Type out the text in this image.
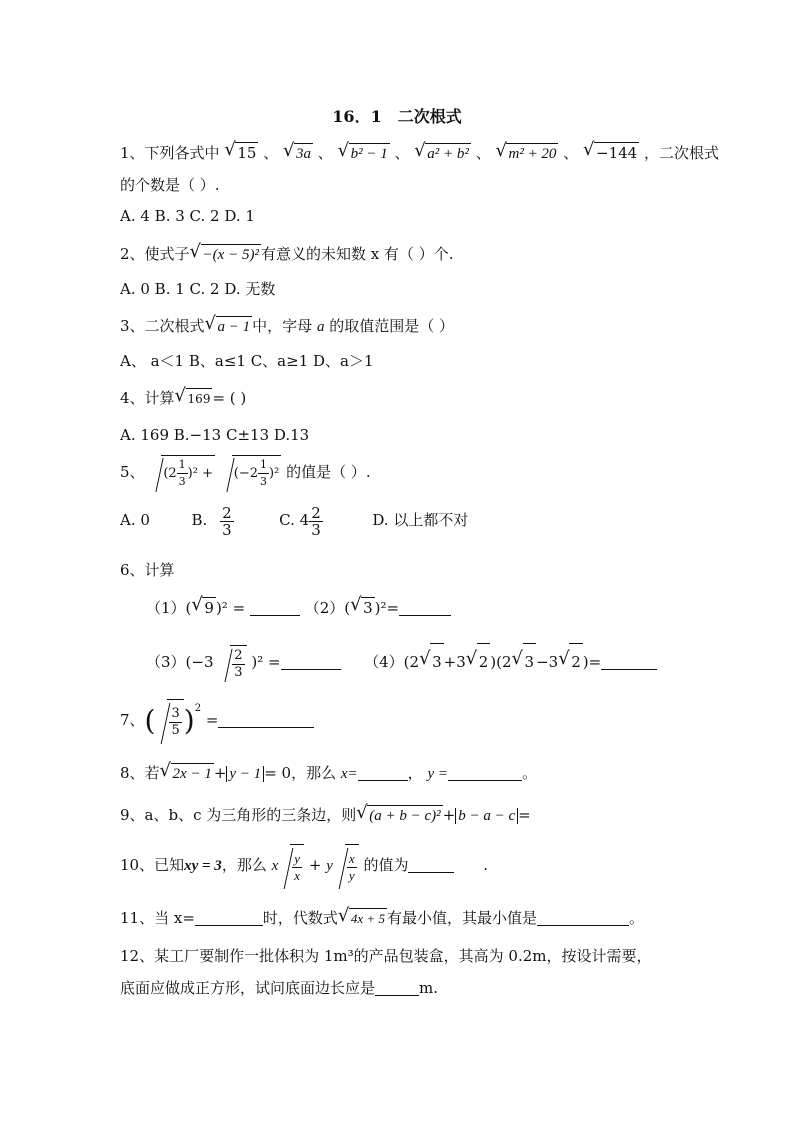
16．1　二次根式
1、下列各式中 √ 15 、 √ 3a 、 √ b² − 1 、 √ a² + b² 、 √ m² + 20 、 √ −144 ，二次根式
的个数是（ ）.
A. 4 B. 3 C. 2 D. 1
2、使式子 √ −(x − 5)² 有意义的未知数 x 有（ ）个.
A. 0 B. 1 C. 2 D. 无数
3、二次根式 √ a − 1 中，字母 a 的取值范围是（ ）
A、 a＜1 B、a≤1 C、a≥1 D、a＞1
4、计算 √ 169 = ( )
A. 169 B.−13 C±13 D.13
5、 $(2 \frac{1}{3} )^2 + (-2 \frac{1}{3} )^2$ 的值是（ ）.
A. 0	B. $\frac{2}{3}$	C. $4 \frac{2}{3}$	D. 以上都不对
6、计算
（1）( √ 9 )² =	（2）( √ 3 )²=
$(3)(-3 \frac{2}{3} )^2$ =	（4）(2 √ 3 +3 √ 2 )(2 √ 3 −3 √ 2 )=
7、( $\frac{3}{5} )^2$ =
8、若 √ 2x − 1 + y − 1 = 0，那么 x=	， y =	。
9、a、b、c 为三角形的三条边，则 √ (a + b − c)² + b − a − c =
10、已知xy = 3，那么 x $\frac{y}{x} + y \frac{x}{y}$ 的值为	.
11、当 x=	时，代数式 √ 4x + 5 有最小值，其最小值是	。
12、某工厂要制作一批体积为 1m³的产品包装盒，其高为 0.2m，按设计需要，
底面应做成正方形，试问底面边长应是	m.
